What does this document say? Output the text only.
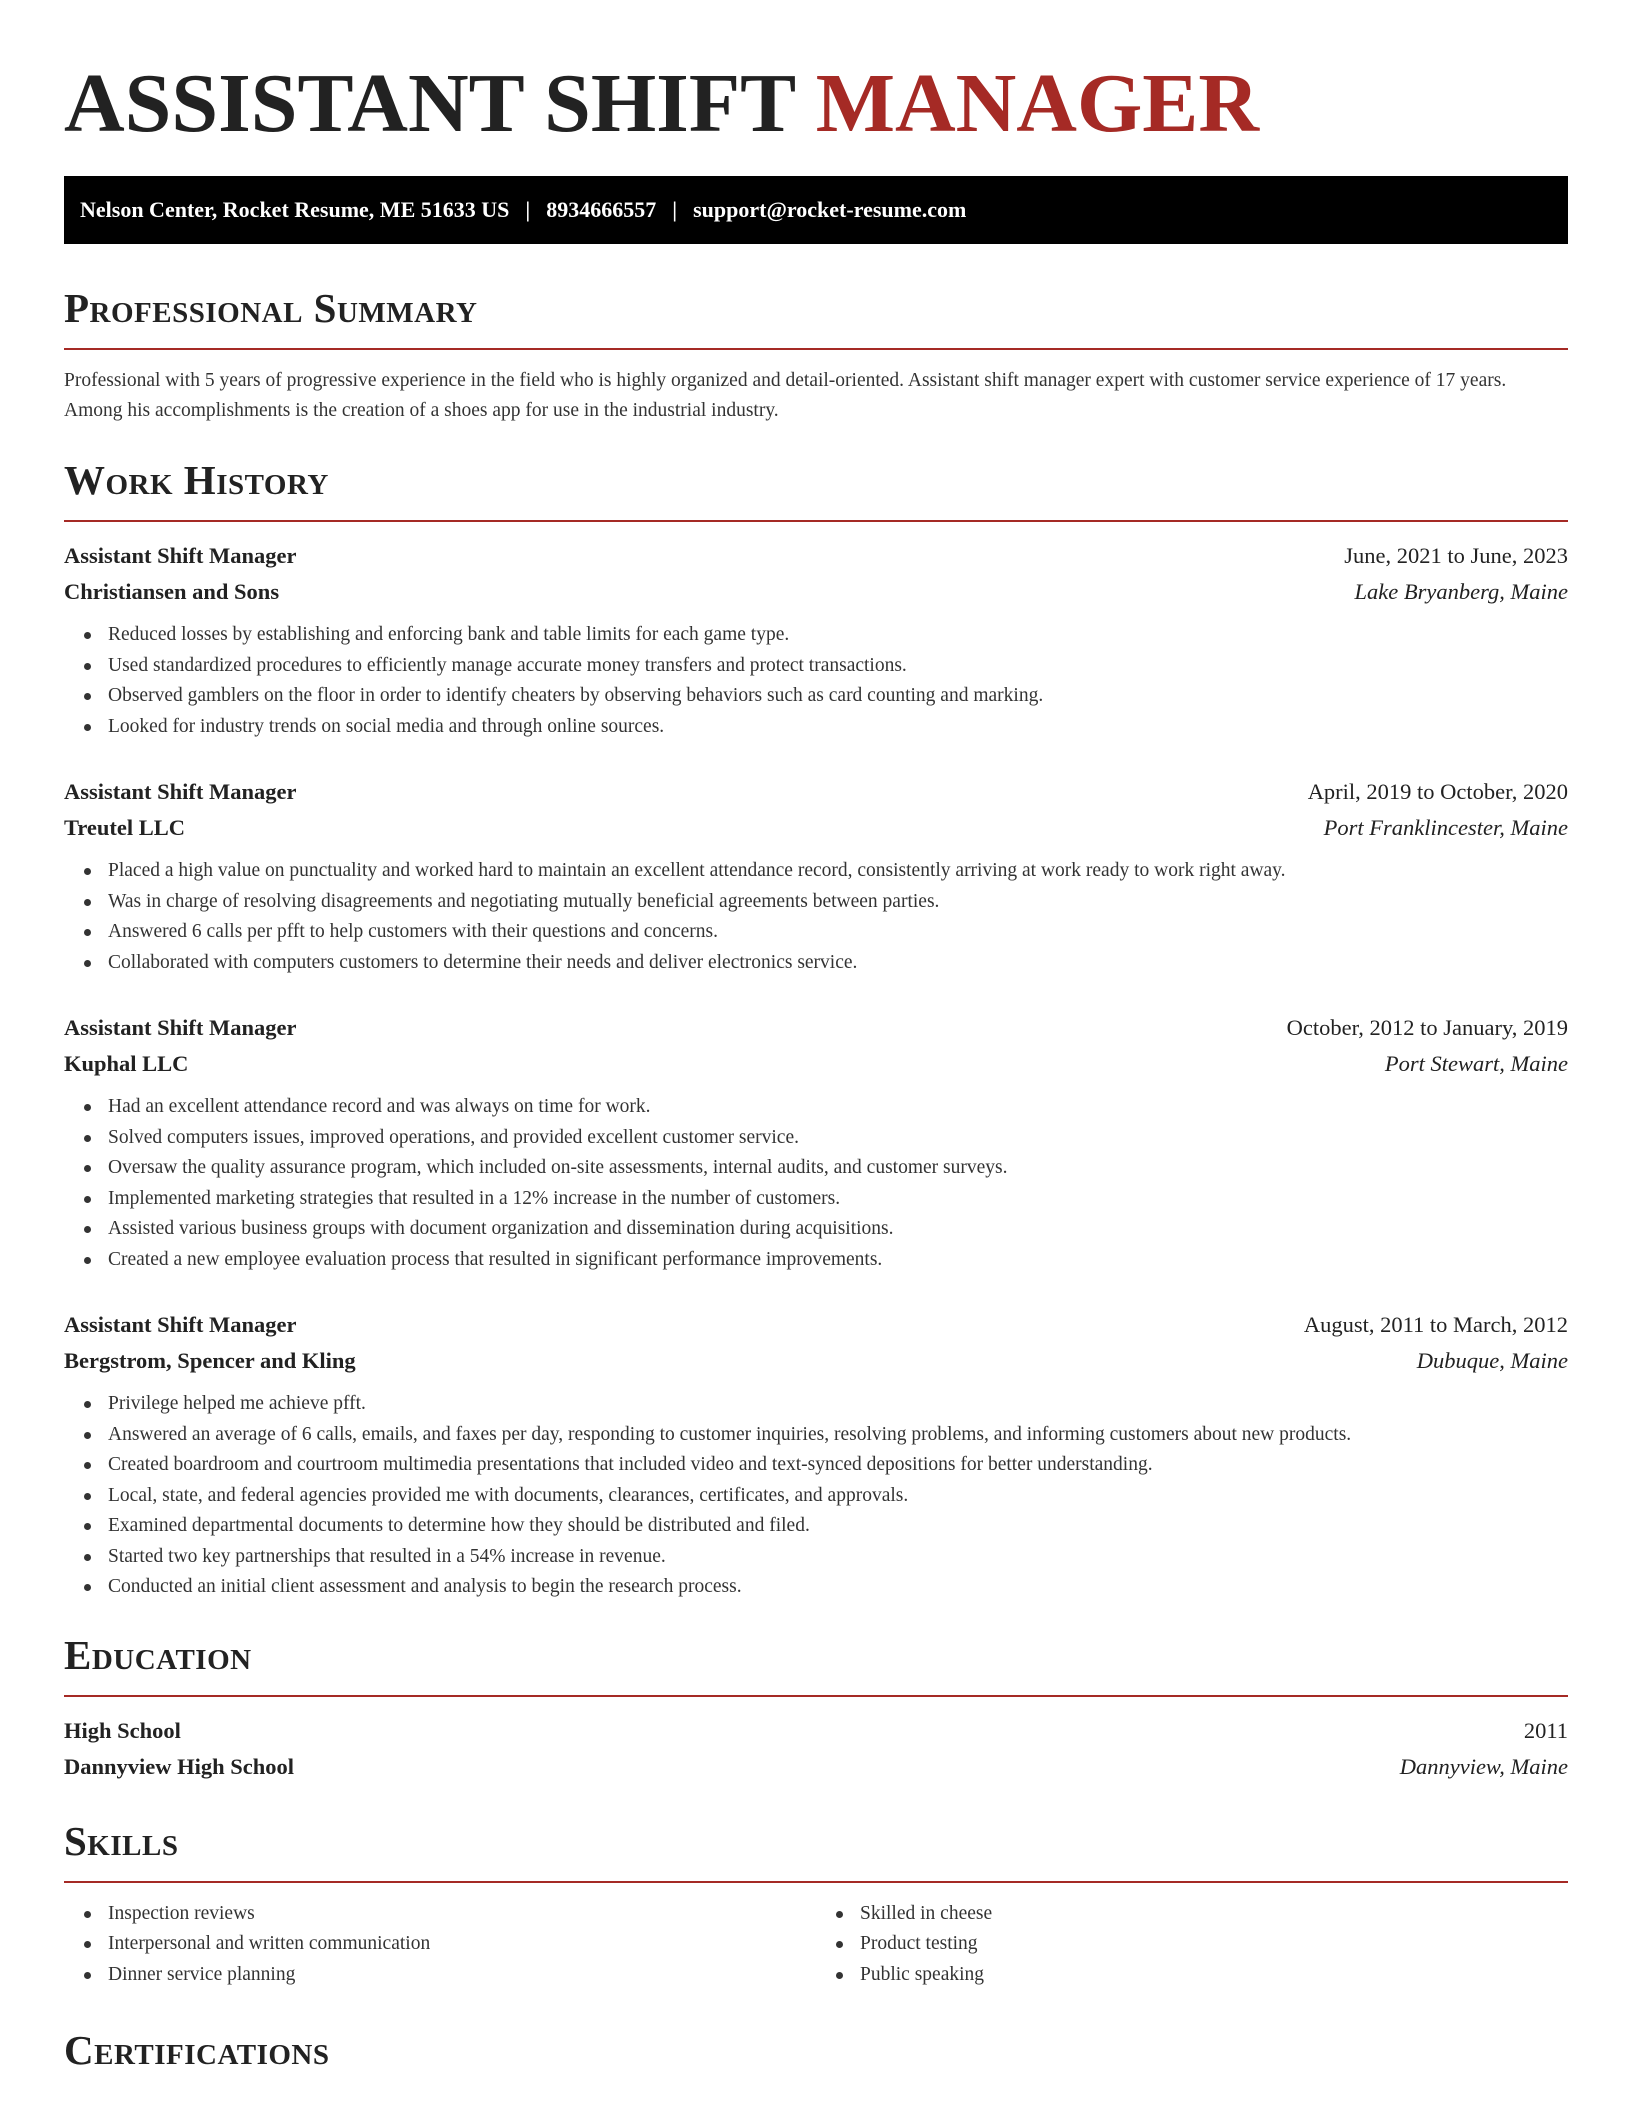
ASSISTANT SHIFT MANAGER
Nelson Center, Rocket Resume, ME 51633 US | 8934666557 | support@rocket-resume.com
Professional Summary

Professional with 5 years of progressive experience in the field who is highly organized and detail-oriented. Assistant shift manager expert with customer service experience of 17 years. Among his accomplishments is the creation of a shoes app for use in the industrial industry.

Work History
Assistant Shift Manager	June, 2021 to June, 2023
Christiansen and Sons	Lake Bryanberg, Maine
Reduced losses by establishing and enforcing bank and table limits for each game type.
Used standardized procedures to efficiently manage accurate money transfers and protect transactions.
Observed gamblers on the floor in order to identify cheaters by observing behaviors such as card counting and marking.
Looked for industry trends on social media and through online sources.
Assistant Shift Manager	April, 2019 to October, 2020
Treutel LLC	Port Franklincester, Maine
Placed a high value on punctuality and worked hard to maintain an excellent attendance record, consistently arriving at work ready to work right away.
Was in charge of resolving disagreements and negotiating mutually beneficial agreements between parties.
Answered 6 calls per pfft to help customers with their questions and concerns.
Collaborated with computers customers to determine their needs and deliver electronics service.
Assistant Shift Manager	October, 2012 to January, 2019
Kuphal LLC	Port Stewart, Maine
Had an excellent attendance record and was always on time for work.
Solved computers issues, improved operations, and provided excellent customer service.
Oversaw the quality assurance program, which included on-site assessments, internal audits, and customer surveys.
Implemented marketing strategies that resulted in a 12% increase in the number of customers.
Assisted various business groups with document organization and dissemination during acquisitions.
Created a new employee evaluation process that resulted in significant performance improvements.
Assistant Shift Manager	August, 2011 to March, 2012
Bergstrom, Spencer and Kling	Dubuque, Maine
Privilege helped me achieve pfft.
Answered an average of 6 calls, emails, and faxes per day, responding to customer inquiries, resolving problems, and informing customers about new products.
Created boardroom and courtroom multimedia presentations that included video and text-synced depositions for better understanding.
Local, state, and federal agencies provided me with documents, clearances, certificates, and approvals.
Examined departmental documents to determine how they should be distributed and filed.
Started two key partnerships that resulted in a 54% increase in revenue.
Conducted an initial client assessment and analysis to begin the research process.
Education
High School	2011
Dannyview High School	Dannyview, Maine
Skills
Inspection reviews
Interpersonal and written communication
Dinner service planning
Skilled in cheese
Product testing
Public speaking
Certifications
